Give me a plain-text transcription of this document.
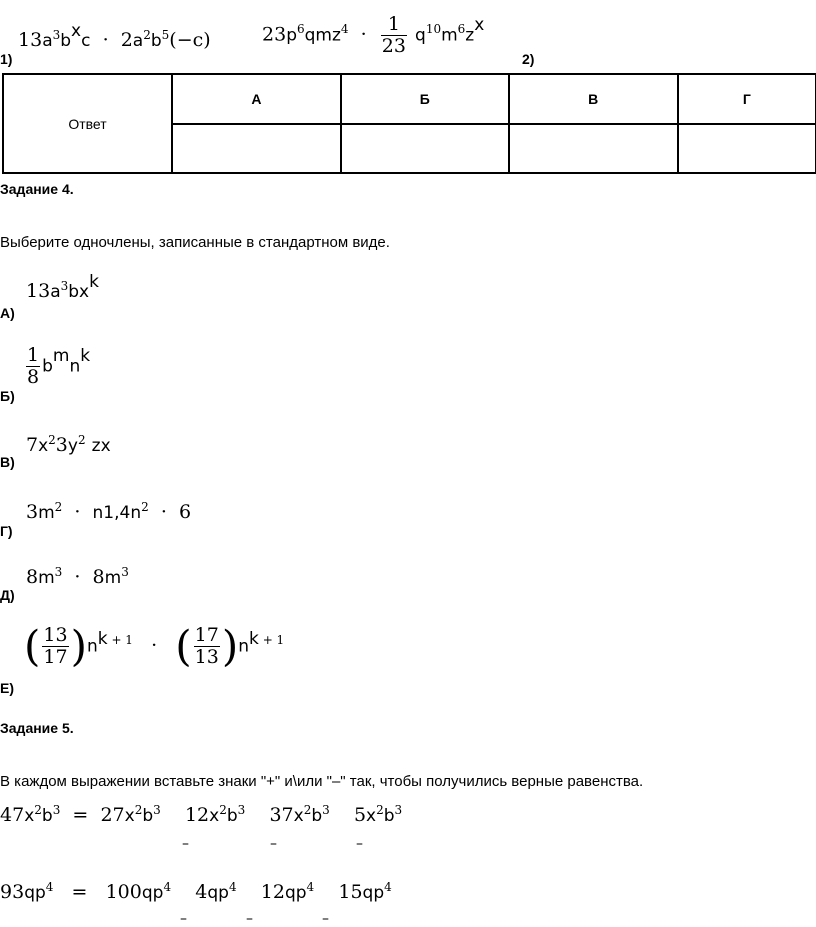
1)
$13a^3b^xc \cdot 2a^2b^5(-c)$	$23p^6qmz^4 \cdot \frac{1}{23} q^{10}m^6z^x$
2)
Ответ	А	Б	В	Г

Задание 4.
Выберите одночлены, записанные в стандартном виде.
А)
$13a^3bx^k$
Б)
$\frac{1}{8} b^mn^k$
В)
$7x^23y^2$ zx
Г)
$3m^2 \cdot n1,4n^2 \cdot 6$
Д)
$8m^3 \cdot 8m^3$
Е)
( $\frac{13}{17} )n^{k + 1}$ · ( $\frac{17}{13} )n^{k + 1}$
Задание 5.
В каждом выражении вставьте знаки "+" и\или "–" так, чтобы получились верные равенства.
$47x^2b^3 = 27x^2b^3$ $12x^2b^3$ $37x^2b^3$ $5x^2b^3$
–	–	–
$93qp^4 = 100qp^4$ $4qp^4$ $12qp^4$ $15qp^4$
–	–	–
